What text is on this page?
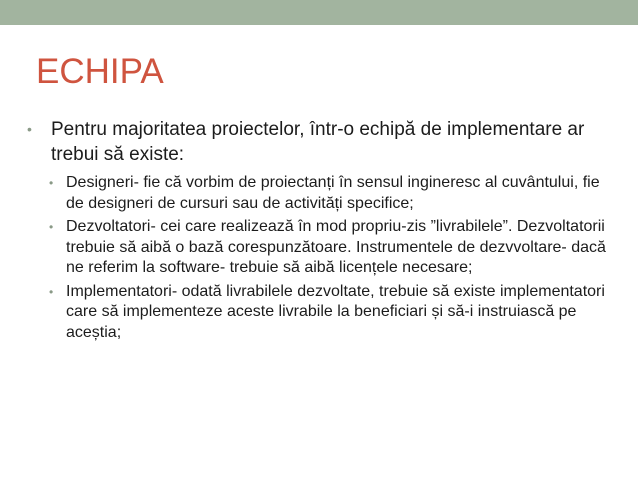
ECHIPA
•	Pentru majoritatea proiectelor, într-o echipă de implementare ar trebui să existe:
• Designeri- fie că vorbim de proiectanți în sensul inginerеsc al cuvântului, fie de designeri de cursuri sau de activități specifice;
• Dezvoltatori- cei care realizează în mod propriu-zis ”livrabilele”. Dezvoltatorii trebuie să aibă o bază corespunzătoare. Instrumentele de dezvvoltare- dacă ne referim la software- trebuie să aibă licențele necesare;
• Implementatori- odată livrabilele dezvoltate, trebuie să existe implementatori care să implementeze aceste livrabile la beneficiari și să-i instruiască pe aceștia;
